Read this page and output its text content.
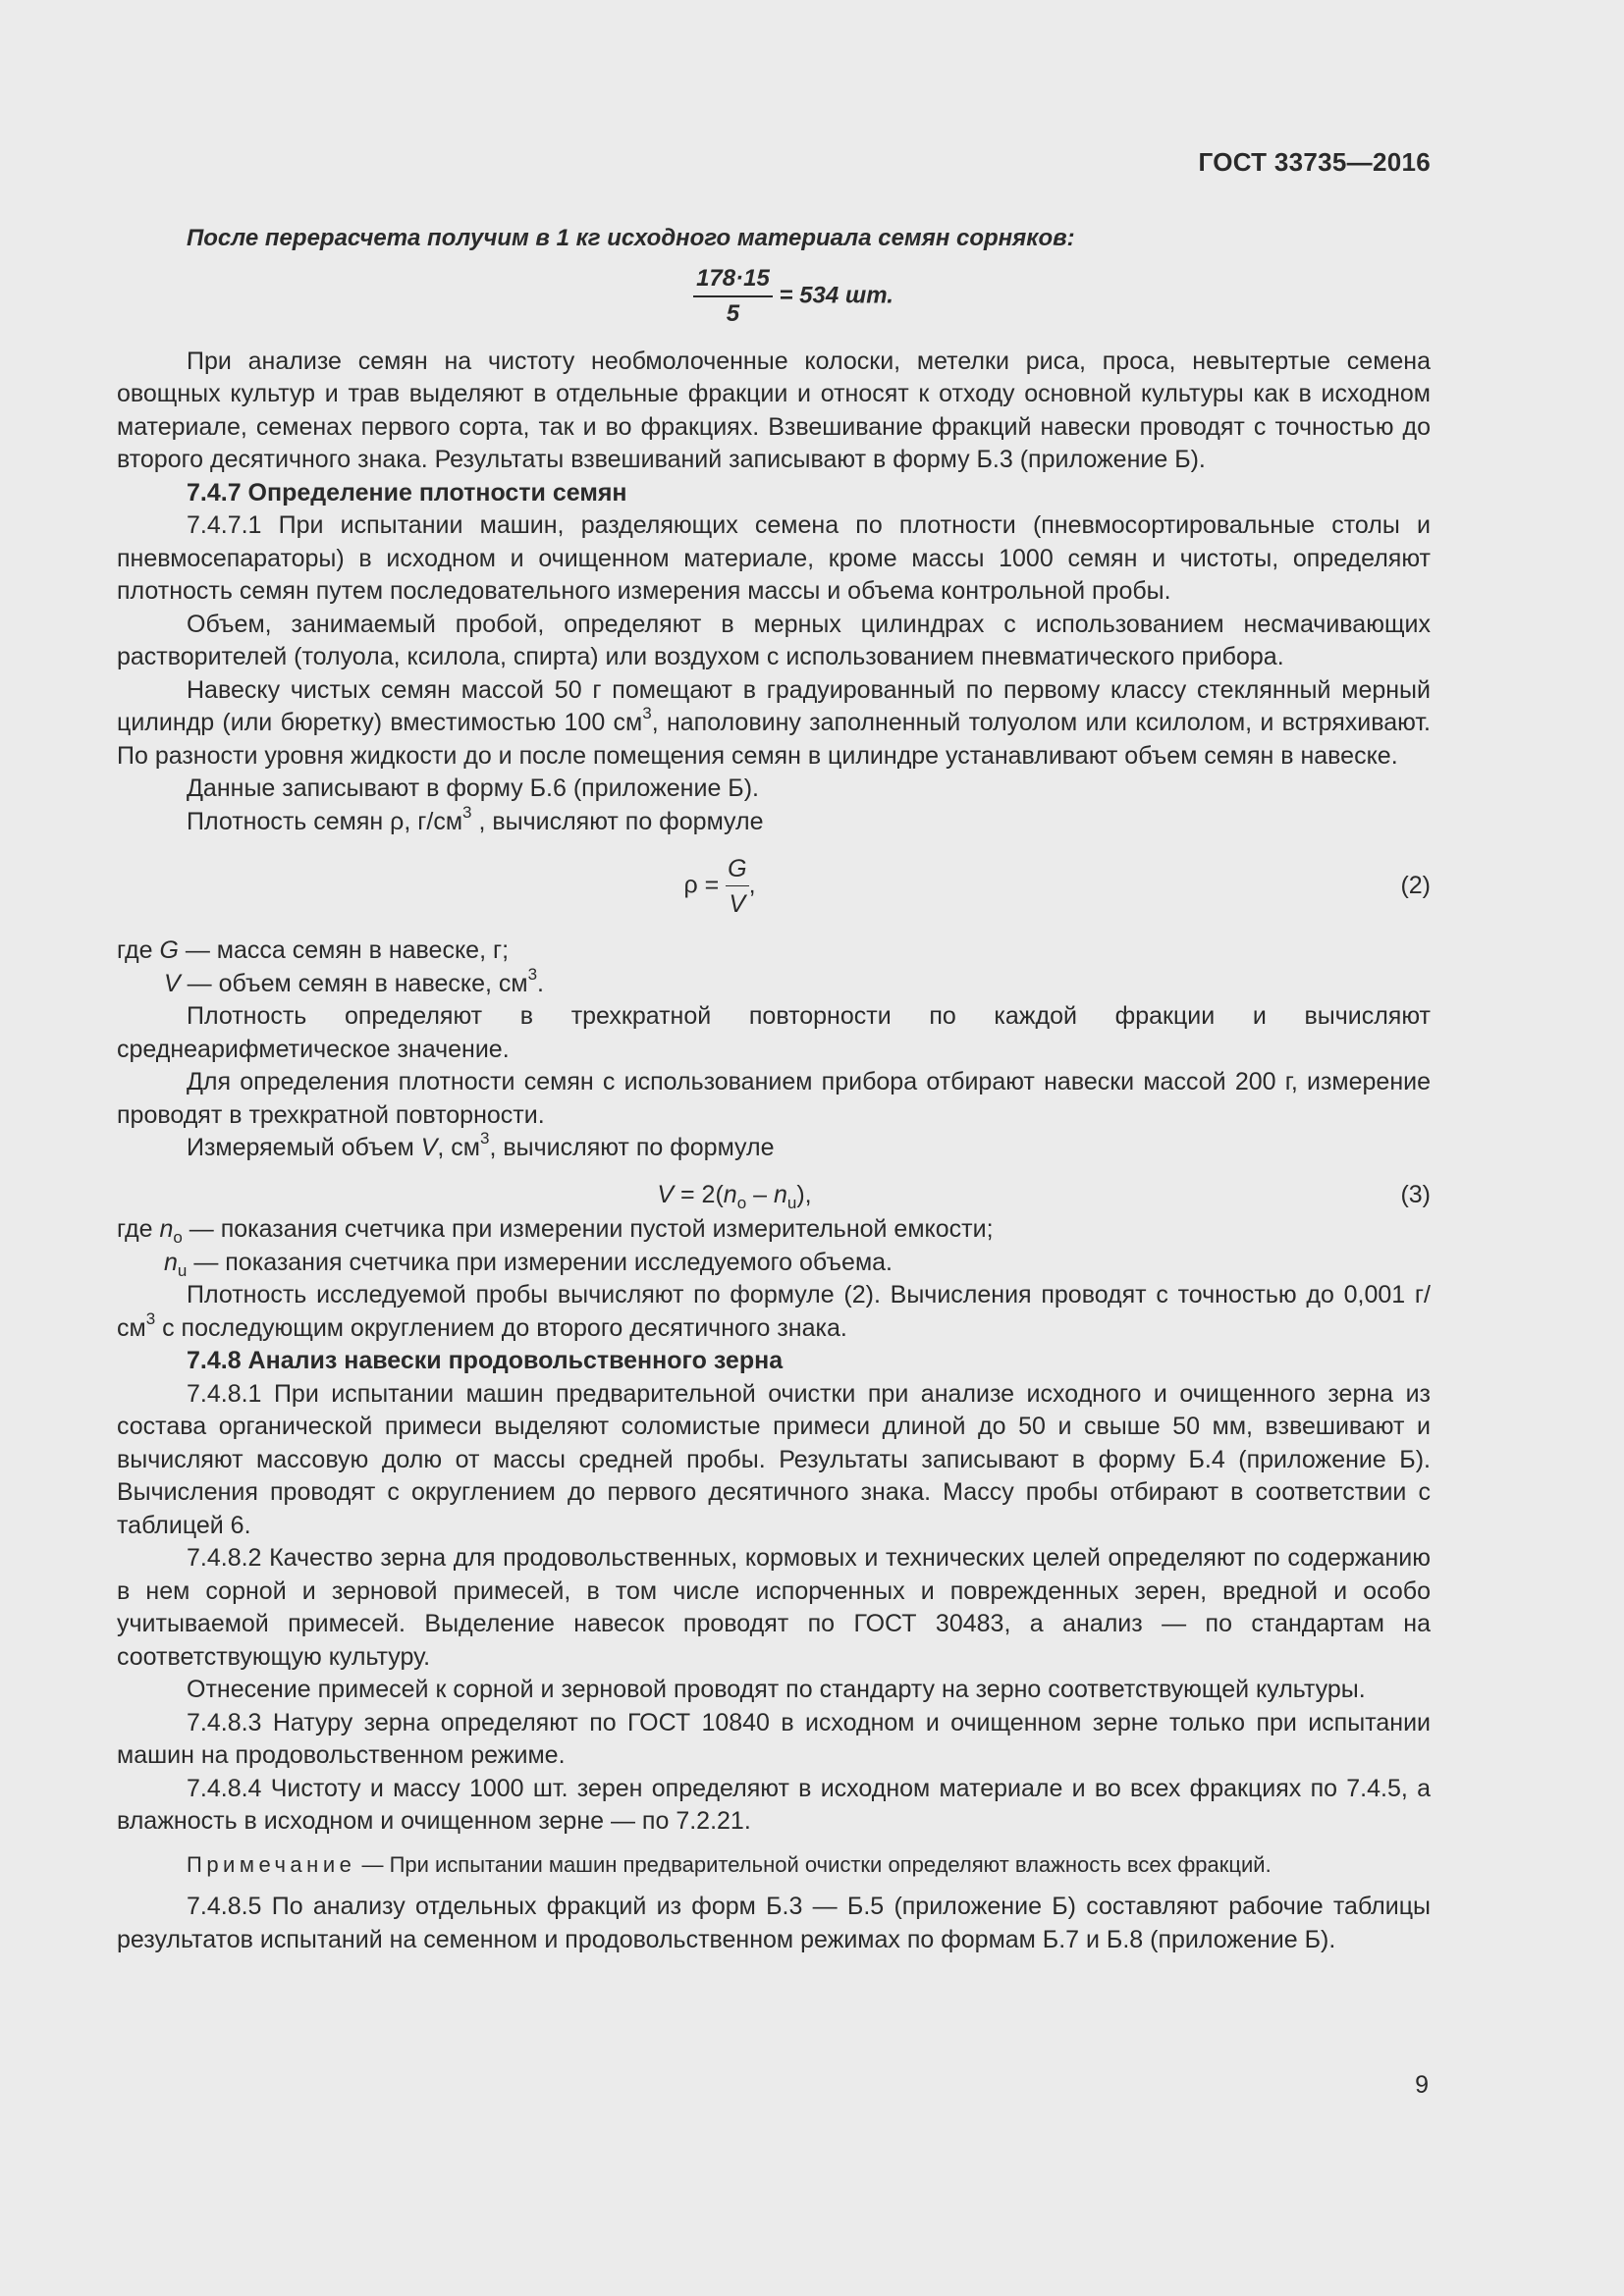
ГОСТ 33735—2016

После перерасчета получим в 1 кг исходного материала семян сорняков:

$\frac{178\cdot 15}{5} = 534$ шт.

При анализе семян на чистоту необмолоченные колоски, метелки риса, проса, невытертые семена овощных культур и трав выделяют в отдельные фракции и относят к отходу основной культуры как в исходном материале, семенах первого сорта, так и во фракциях. Взвешивание фракций навески проводят с точностью до второго десятичного знака. Результаты взвешиваний записывают в форму Б.3 (приложение Б).

7.4.7 Определение плотности семян

7.4.7.1 При испытании машин, разделяющих семена по плотности (пневмосортировальные столы и пневмосепараторы) в исходном и очищенном материале, кроме массы 1000 семян и чистоты, определяют плотность семян путем последовательного измерения массы и объема контрольной пробы.

Объем, занимаемый пробой, определяют в мерных цилиндрах с использованием несмачивающих растворителей (толуола, ксилола, спирта) или воздухом с использованием пневматического прибора.

Навеску чистых семян массой 50 г помещают в градуированный по первому классу стеклянный мерный цилиндр (или бюретку) вместимостью 100 $см^3$, наполовину заполненный толуолом или ксилолом, и встряхивают. По разности уровня жидкости до и после помещения семян в цилиндре устанавливают объем семян в навеске.

Данные записывают в форму Б.6 (приложение Б).

Плотность семян ρ, $г/см^3$ , вычисляют по формуле

$\rho = \frac{G}{V}$ ,	(2)

где G — масса семян в навеске, г;

V — объем семян в навеске, $см^3$.

Плотность определяют в трехкратной повторности по каждой фракции и вычисляют среднеарифметическое значение.

Для определения плотности семян с использованием прибора отбирают навески массой 200 г, измерение проводят в трехкратной повторности.

Измеряемый объем V, $см^3$, вычисляют по формуле

$V = 2(n_о - n_u)$,	(3)

где $n_о$ — показания счетчика при измерении пустой измерительной емкости;

$n_u$ — показания счетчика при измерении исследуемого объема.

Плотность исследуемой пробы вычисляют по формуле (2). Вычисления проводят с точностью до 0,001 $г/см^3$ с последующим округлением до второго десятичного знака.

7.4.8 Анализ навески продовольственного зерна

7.4.8.1 При испытании машин предварительной очистки при анализе исходного и очищенного зерна из состава органической примеси выделяют соломистые примеси длиной до 50 и свыше 50 мм, взвешивают и вычисляют массовую долю от массы средней пробы. Результаты записывают в форму Б.4 (приложение Б). Вычисления проводят с округлением до первого десятичного знака. Массу пробы отбирают в соответствии с таблицей 6.

7.4.8.2 Качество зерна для продовольственных, кормовых и технических целей определяют по содержанию в нем сорной и зерновой примесей, в том числе испорченных и поврежденных зерен, вредной и особо учитываемой примесей. Выделение навесок проводят по ГОСТ 30483, а анализ — по стандартам на соответствующую культуру.

Отнесение примесей к сорной и зерновой проводят по стандарту на зерно соответствующей культуры.

7.4.8.3 Натуру зерна определяют по ГОСТ 10840 в исходном и очищенном зерне только при испытании машин на продовольственном режиме.

7.4.8.4 Чистоту и массу 1000 шт. зерен определяют в исходном материале и во всех фракциях по 7.4.5, а влажность в исходном и очищенном зерне — по 7.2.21.

Примечание — При испытании машин предварительной очистки определяют влажность всех фракций.

7.4.8.5 По анализу отдельных фракций из форм Б.3 — Б.5 (приложение Б) составляют рабочие таблицы результатов испытаний на семенном и продовольственном режимах по формам Б.7 и Б.8 (приложение Б).

9
